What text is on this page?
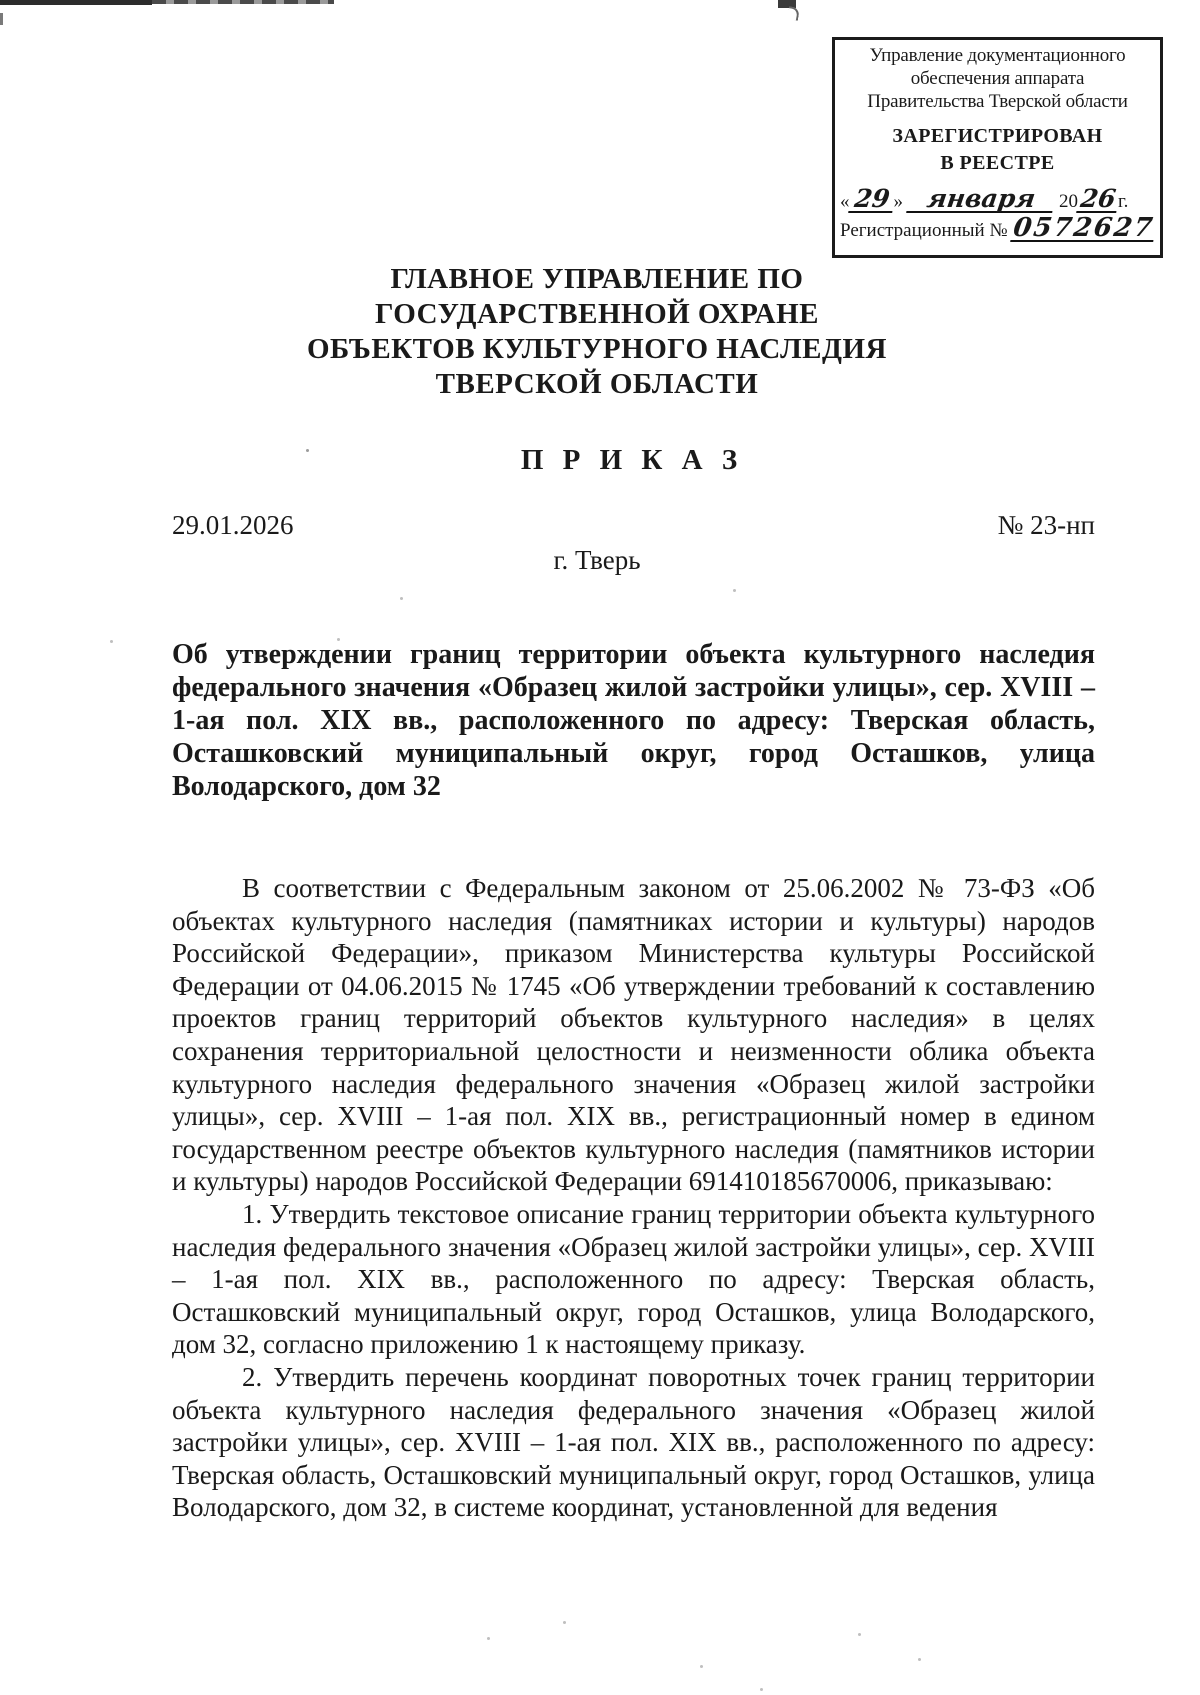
Управление документационного
обеспечения аппарата
Правительства Тверской области
ЗАРЕГИСТРИРОВАН
В РЕЕСТРЕ
« 29 » января	20 26 г.
Регистрационный № 0572627
ГЛАВНОЕ УПРАВЛЕНИЕ ПО
ГОСУДАРСТВЕННОЙ ОХРАНЕ
ОБЪЕКТОВ КУЛЬТУРНОГО НАСЛЕДИЯ
ТВЕРСКОЙ ОБЛАСТИ
П Р И К А З
29.01.2026	№ 23-нп
г. Тверь
Об утверждении границ территории объекта культурного наследия федерального значения «Образец жилой застройки улицы», сер. XVIII – 1-ая пол. XIX вв., расположенного по адресу: Тверская область, Осташковский муниципальный округ, город Осташков, улица Володарского, дом 32

В соответствии с Федеральным законом от 25.06.2002 № 73-ФЗ «Об объектах культурного наследия (памятниках истории и культуры) народов Российской Федерации», приказом Министерства культуры Российской Федерации от 04.06.2015 № 1745 «Об утверждении требований к составлению проектов границ территорий объектов культурного наследия» в целях сохранения территориальной целостности и неизменности облика объекта культурного наследия федерального значения «Образец жилой застройки улицы», сер. XVIII – 1-ая пол. XIX вв., регистрационный номер в едином государственном реестре объектов культурного наследия (памятников истории и культуры) народов Российской Федерации 691410185670006, приказываю:

1. Утвердить текстовое описание границ территории объекта культурного наследия федерального значения «Образец жилой застройки улицы», сер. XVIII – 1-ая пол. XIX вв., расположенного по адресу: Тверская область, Осташковский муниципальный округ, город Осташков, улица Володарского, дом 32, согласно приложению 1 к настоящему приказу.

2. Утвердить перечень координат поворотных точек границ территории объекта культурного наследия федерального значения «Образец жилой застройки улицы», сер. XVIII – 1-ая пол. XIX вв., расположенного по адресу: Тверская область, Осташковский муниципальный округ, город Осташков, улица Володарского, дом 32, в системе координат, установленной для ведения
